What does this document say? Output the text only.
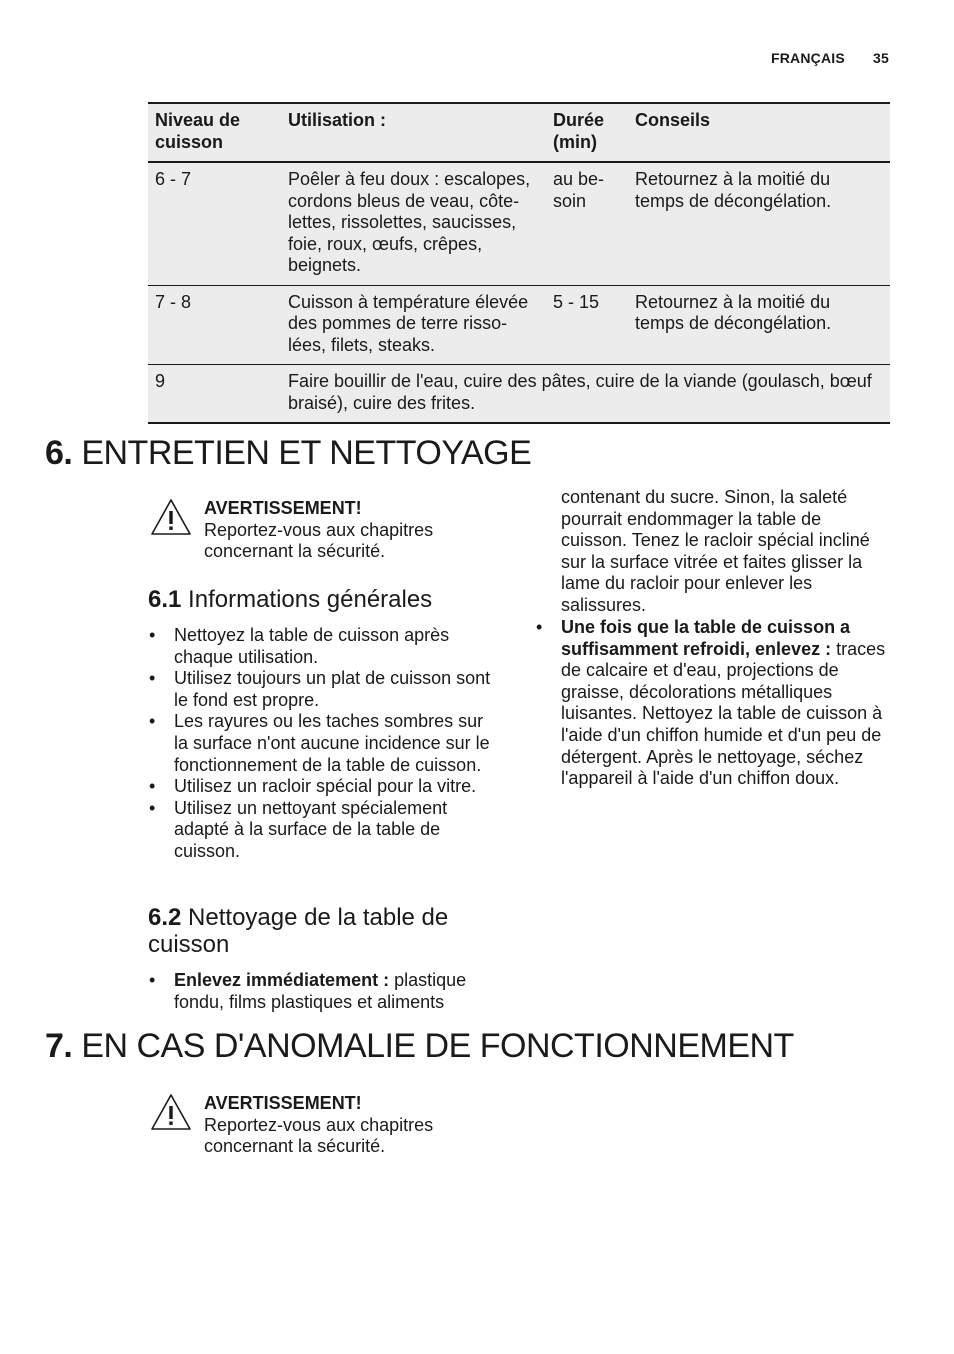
FRANÇAIS 35
Niveau de cuisson	Utilisation :	Durée (min)	Conseils
6 - 7	Poêler à feu doux : escalopes, cordons bleus de veau, côte-lettes, rissolettes, saucisses, foie, roux, œufs, crêpes, beignets.	au be-soin	Retournez à la moitié du temps de décongélation.
7 - 8	Cuisson à température élevée des pommes de terre risso-lées, filets, steaks.	5 - 15	Retournez à la moitié du temps de décongélation.
9	Faire bouillir de l'eau, cuire des pâtes, cuire de la viande (goulasch, bœuf braisé), cuire des frites.		
6. ENTRETIEN ET NETTOYAGE
AVERTISSEMENT!
Reportez-vous aux chapitres concernant la sécurité.
6.1 Informations générales
• Nettoyez la table de cuisson après chaque utilisation.
• Utilisez toujours un plat de cuisson sont le fond est propre.
• Les rayures ou les taches sombres sur la surface n'ont aucune incidence sur le fonctionnement de la table de cuisson.
• Utilisez un racloir spécial pour la vitre.
• Utilisez un nettoyant spécialement adapté à la surface de la table de cuisson.
6.2 Nettoyage de la table de cuisson
• Enlevez immédiatement : plastique fondu, films plastiques et aliments
contenant du sucre. Sinon, la saleté pourrait endommager la table de cuisson. Tenez le racloir spécial incliné sur la surface vitrée et faites glisser la lame du racloir pour enlever les salissures.
• Une fois que la table de cuisson a suffisamment refroidi, enlevez : traces de calcaire et d'eau, projections de graisse, décolorations métalliques luisantes. Nettoyez la table de cuisson à l'aide d'un chiffon humide et d'un peu de détergent. Après le nettoyage, séchez l'appareil à l'aide d'un chiffon doux.
7. EN CAS D'ANOMALIE DE FONCTIONNEMENT
AVERTISSEMENT!
Reportez-vous aux chapitres concernant la sécurité.
